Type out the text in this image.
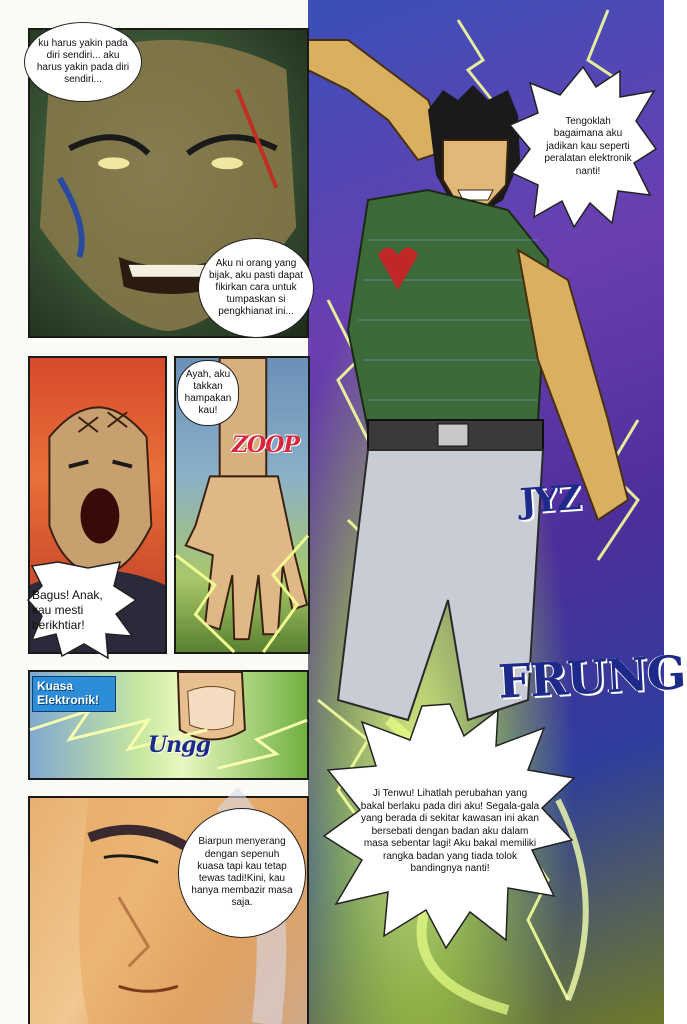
Tengoklah bagaimana aku jadikan kau seperti peralatan elektronik nanti!
JYZ
FRUNG
Ji Tenwu! Lihatlah perubahan yang bakal berlaku pada diri aku! Segala-gala yang berada di sekitar kawasan ini akan bersebati dengan badan aku dalam masa sebentar lagi! Aku bakal memiliki rangka badan yang tiada tolok bandingnya nanti!
ku harus yakin pada diri sendiri... aku harus yakin pada diri sendiri...
Aku ni orang yang bijak, aku pasti dapat fikirkan cara untuk tumpaskan si pengkhianat ini...
Bagus! Anak, kau mesti berikhtiar!
Ayah, aku takkan hampakan kau!
ZOOP
Kuasa Elektronik!
Ungg
Biarpun menyerang dengan sepenuh kuasa tapi kau tetap tewas tadi!Kini, kau hanya membazir masa saja.
